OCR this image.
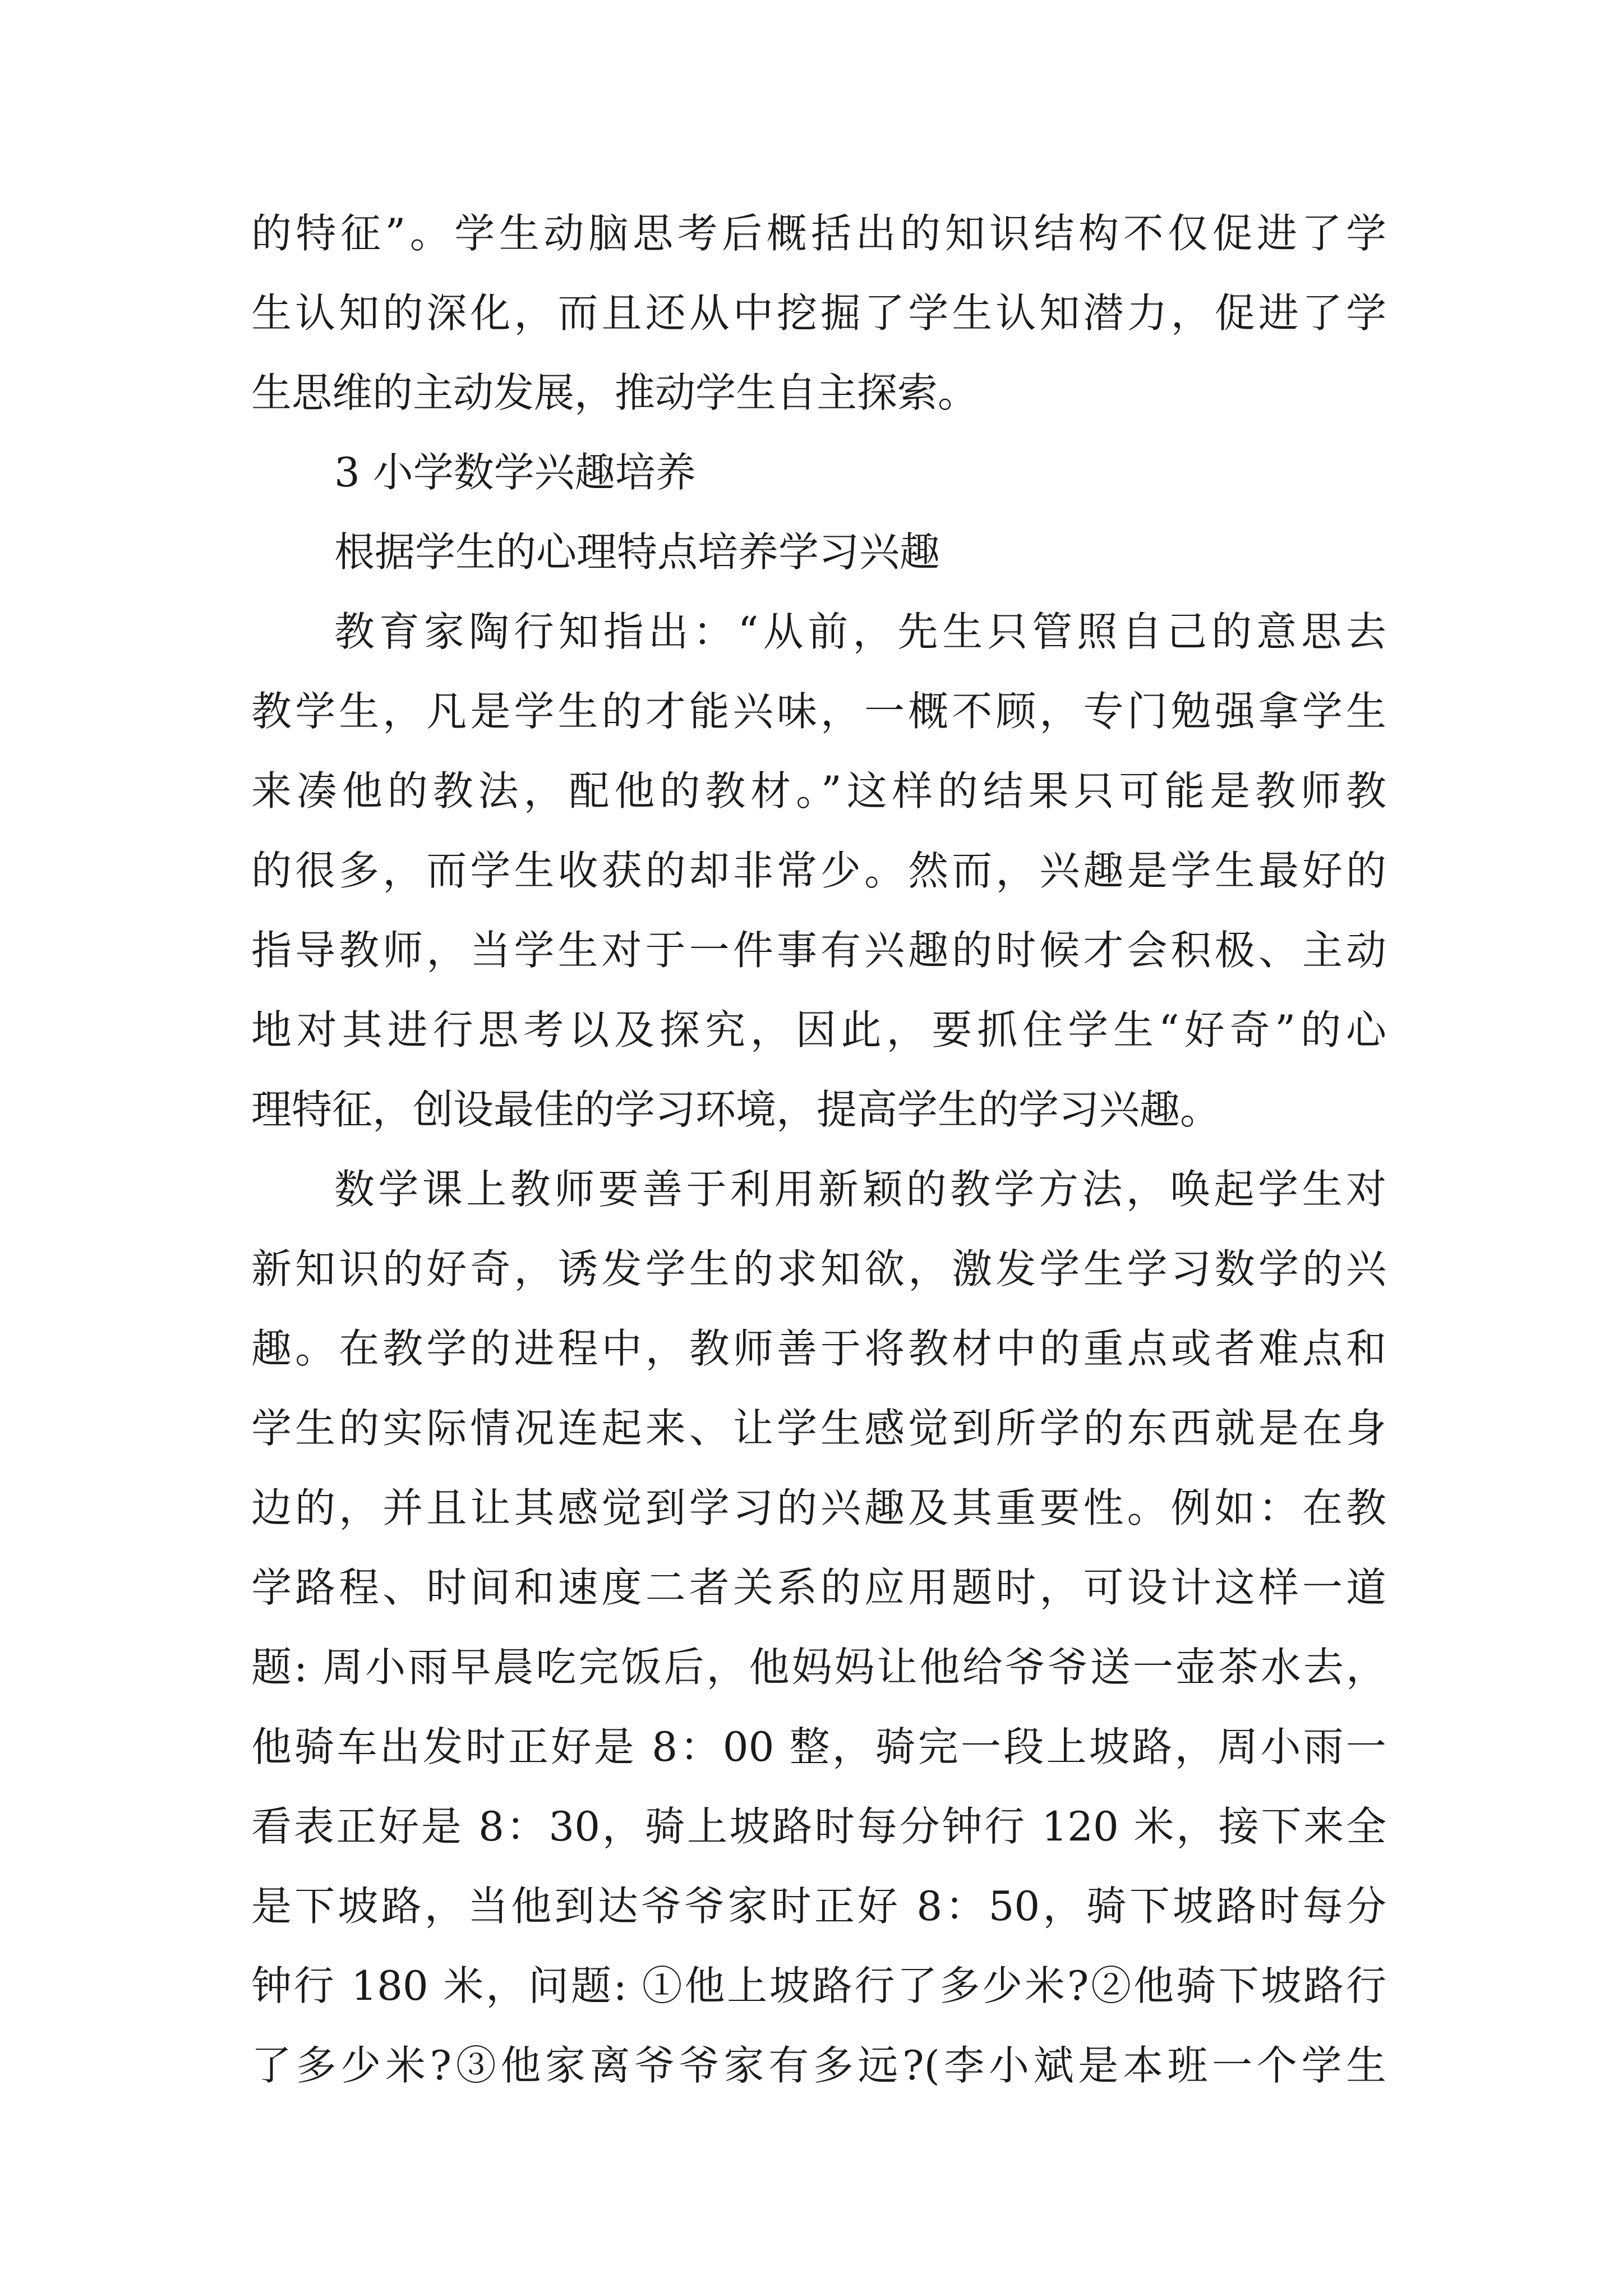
的特征”。学生动脑思考后概括出的知识结构不仅促进了学
生认知的深化，而且还从中挖掘了学生认知潜力，促进了学
生思维的主动发展，推动学生自主探索。
3 小学数学兴趣培养
根据学生的心理特点培养学习兴趣
教育家陶行知指出：“从前，先生只管照自己的意思去
教学生，凡是学生的才能兴味，一概不顾，专门勉强拿学生
来凑他的教法，配他的教材。”这样的结果只可能是教师教
的很多，而学生收获的却非常少。然而，兴趣是学生最好的
指导教师，当学生对于一件事有兴趣的时候才会积极、主动
地对其进行思考以及探究，因此，要抓住学生“好奇”的心
理特征，创设最佳的学习环境，提高学生的学习兴趣。
数学课上教师要善于利用新颖的教学方法，唤起学生对
新知识的好奇，诱发学生的求知欲，激发学生学习数学的兴
趣。在教学的进程中，教师善于将教材中的重点或者难点和
学生的实际情况连起来、让学生感觉到所学的东西就是在身
边的，并且让其感觉到学习的兴趣及其重要性。例如：在教
学路程、时间和速度二者关系的应用题时，可设计这样一道
题: 周小雨早晨吃完饭后，他妈妈让他给爷爷送一壶茶水去，
他骑车出发时正好是 8：00 整，骑完一段上坡路，周小雨一
看表正好是 8：30，骑上坡路时每分钟行 120 米，接下来全
是下坡路，当他到达爷爷家时正好 8：50，骑下坡路时每分
钟行 180 米，问题: ①他上坡路行了多少米?②他骑下坡路行
了多少米?③他家离爷爷家有多远?(李小斌是本班一个学生
